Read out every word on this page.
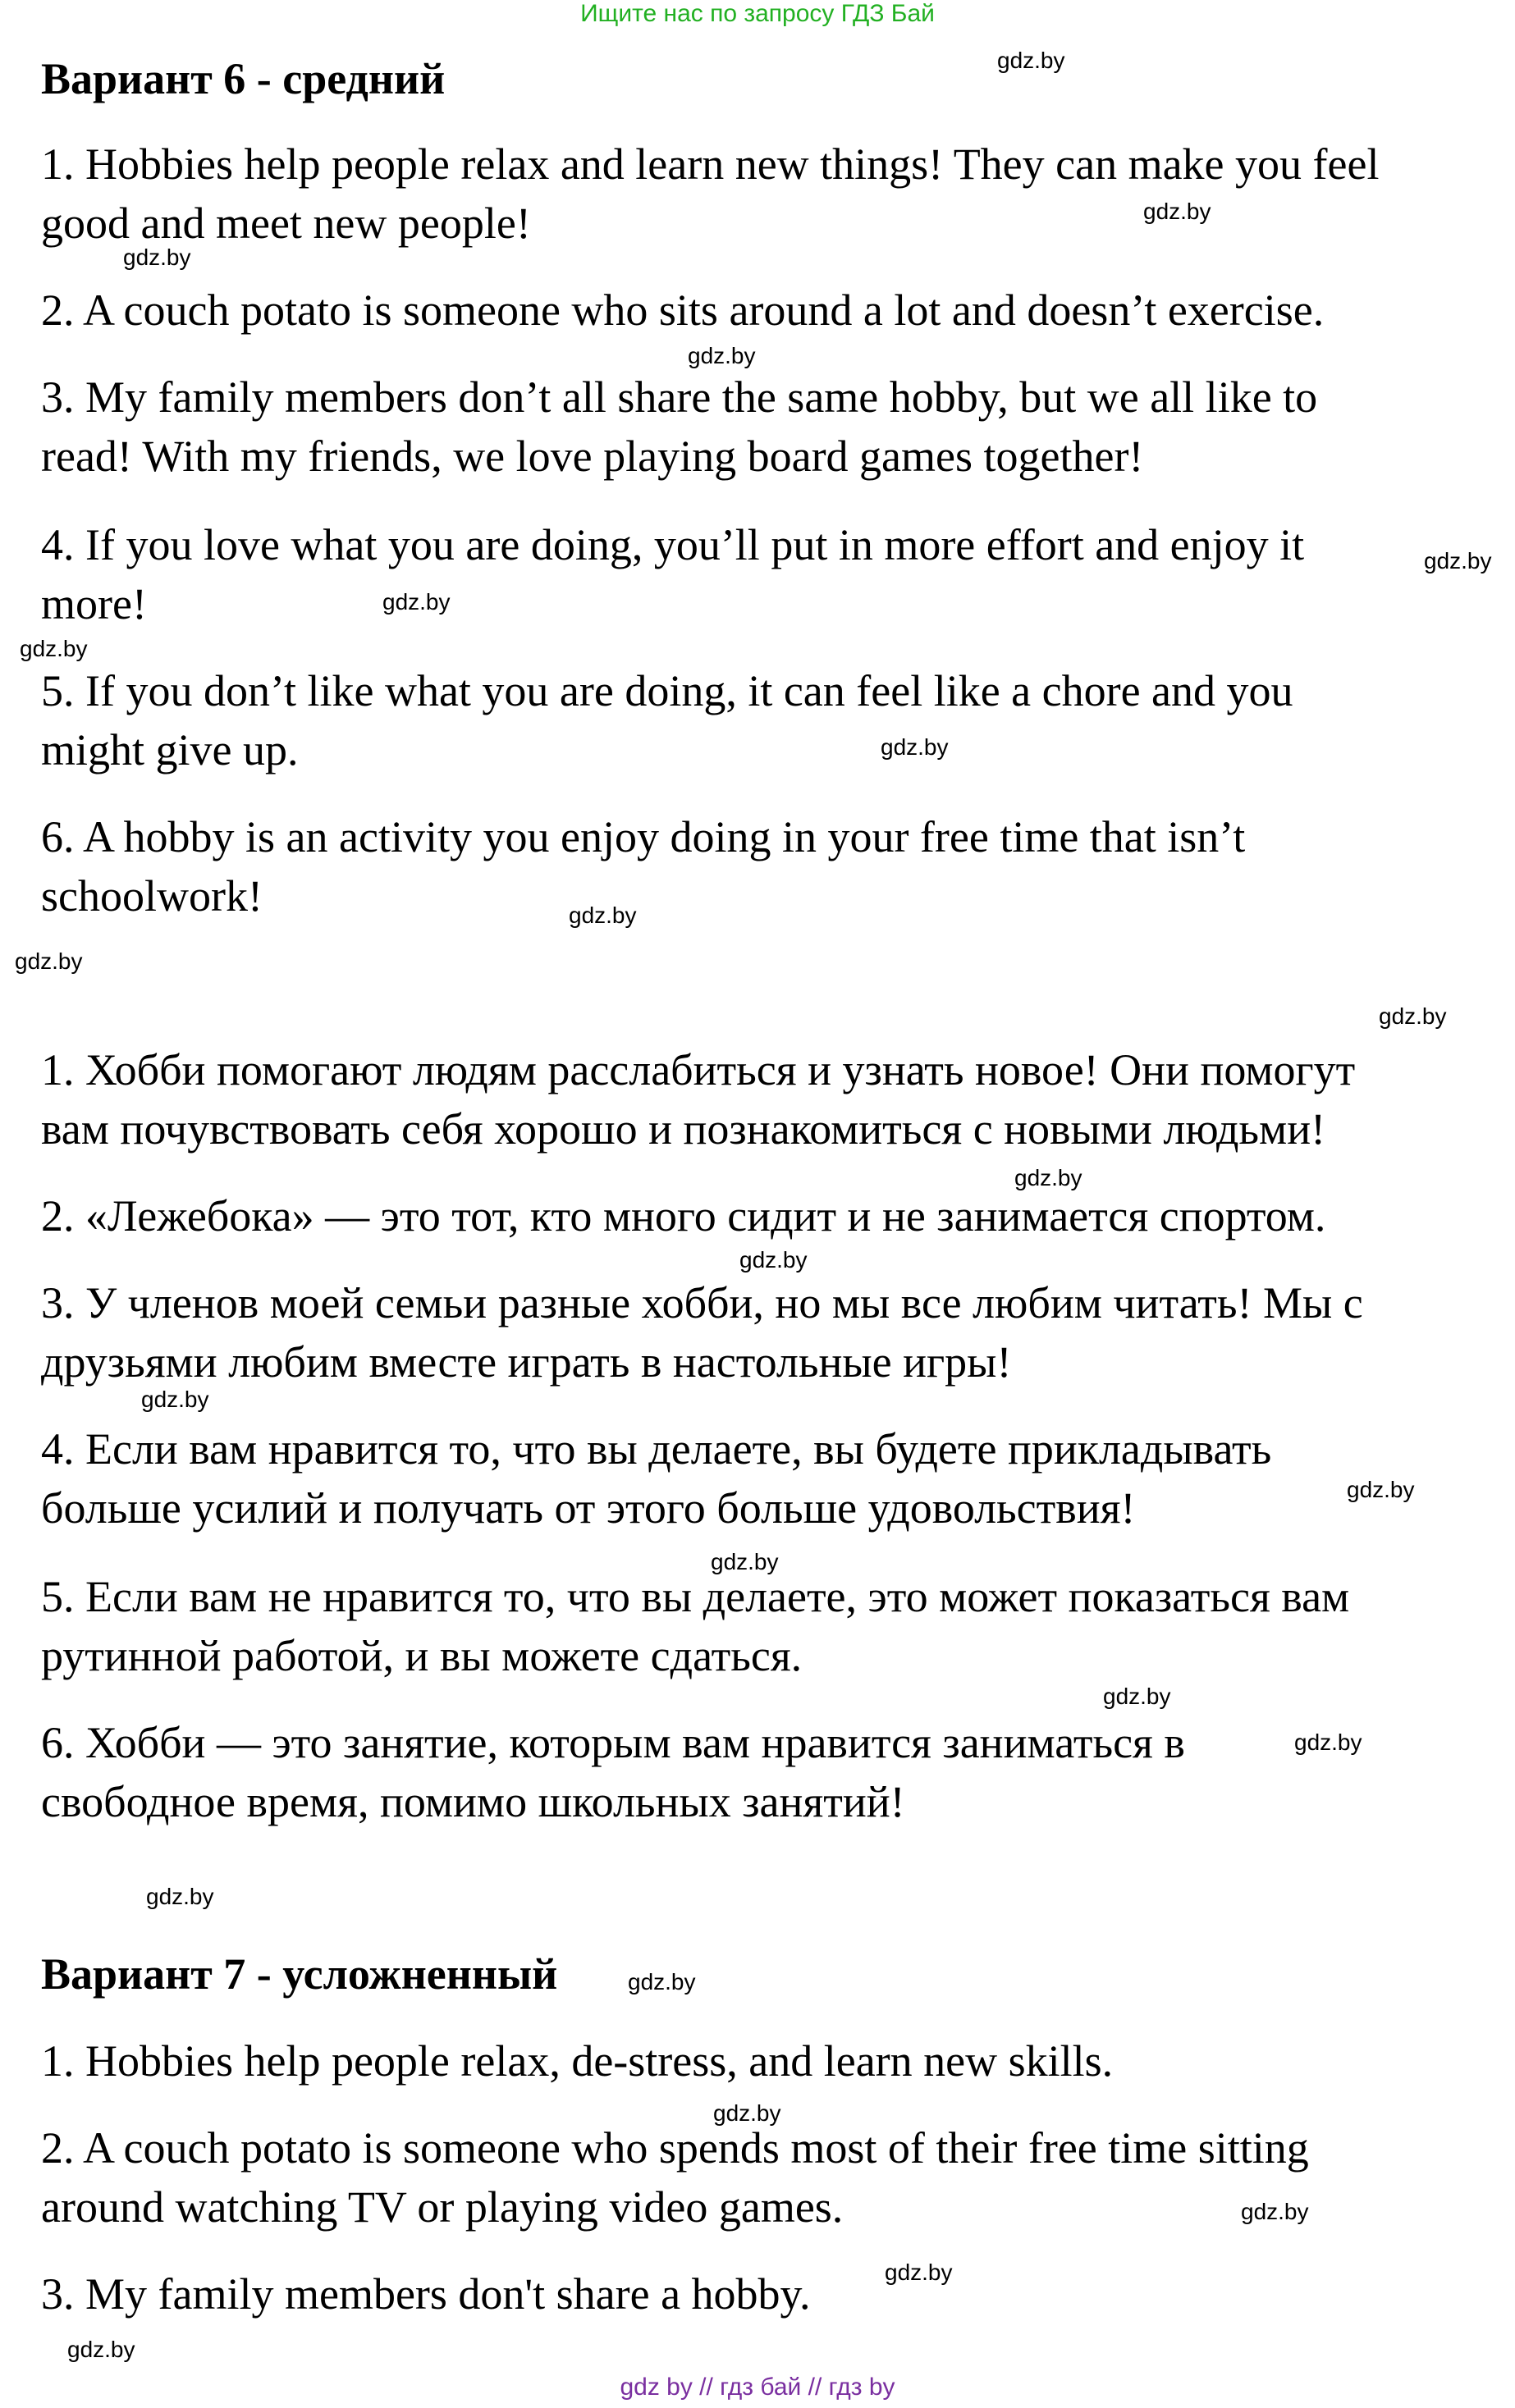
Ищите нас по запросу ГДЗ Бай
Вариант 6 - средний
1. Hobbies help people relax and learn new things! They can make you feel
good and meet new people!
2. A couch potato is someone who sits around a lot and doesn’t exercise.
3. My family members don’t all share the same hobby, but we all like to
read! With my friends, we love playing board games together!
4. If you love what you are doing, you’ll put in more effort and enjoy it
more!
5. If you don’t like what you are doing, it can feel like a chore and you
might give up.
6. A hobby is an activity you enjoy doing in your free time that isn’t
schoolwork!
1. Хобби помогают людям расслабиться и узнать новое! Они помогут
вам почувствовать себя хорошо и познакомиться с новыми людьми!
2. «Лежебока» — это тот, кто много сидит и не занимается спортом.
3. У членов моей семьи разные хобби, но мы все любим читать! Мы с
друзьями любим вместе играть в настольные игры!
4. Если вам нравится то, что вы делаете, вы будете прикладывать
больше усилий и получать от этого больше удовольствия!
5. Если вам не нравится то, что вы делаете, это может показаться вам
рутинной работой, и вы можете сдаться.
6. Хобби — это занятие, которым вам нравится заниматься в
свободное время, помимо школьных занятий!
Вариант 7 - усложненный
1. Hobbies help people relax, de-stress, and learn new skills.
2. A couch potato is someone who spends most of their free time sitting
around watching TV or playing video games.
3. My family members don't share a hobby.
gdz.by
gdz.by
gdz.by
gdz.by
gdz.by
gdz.by
gdz.by
gdz.by
gdz.by
gdz.by
gdz.by
gdz.by
gdz.by
gdz.by
gdz.by
gdz.by
gdz.by
gdz.by
gdz.by
gdz.by
gdz.by
gdz.by
gdz.by
gdz.by
gdz by // гдз бай // гдз by
